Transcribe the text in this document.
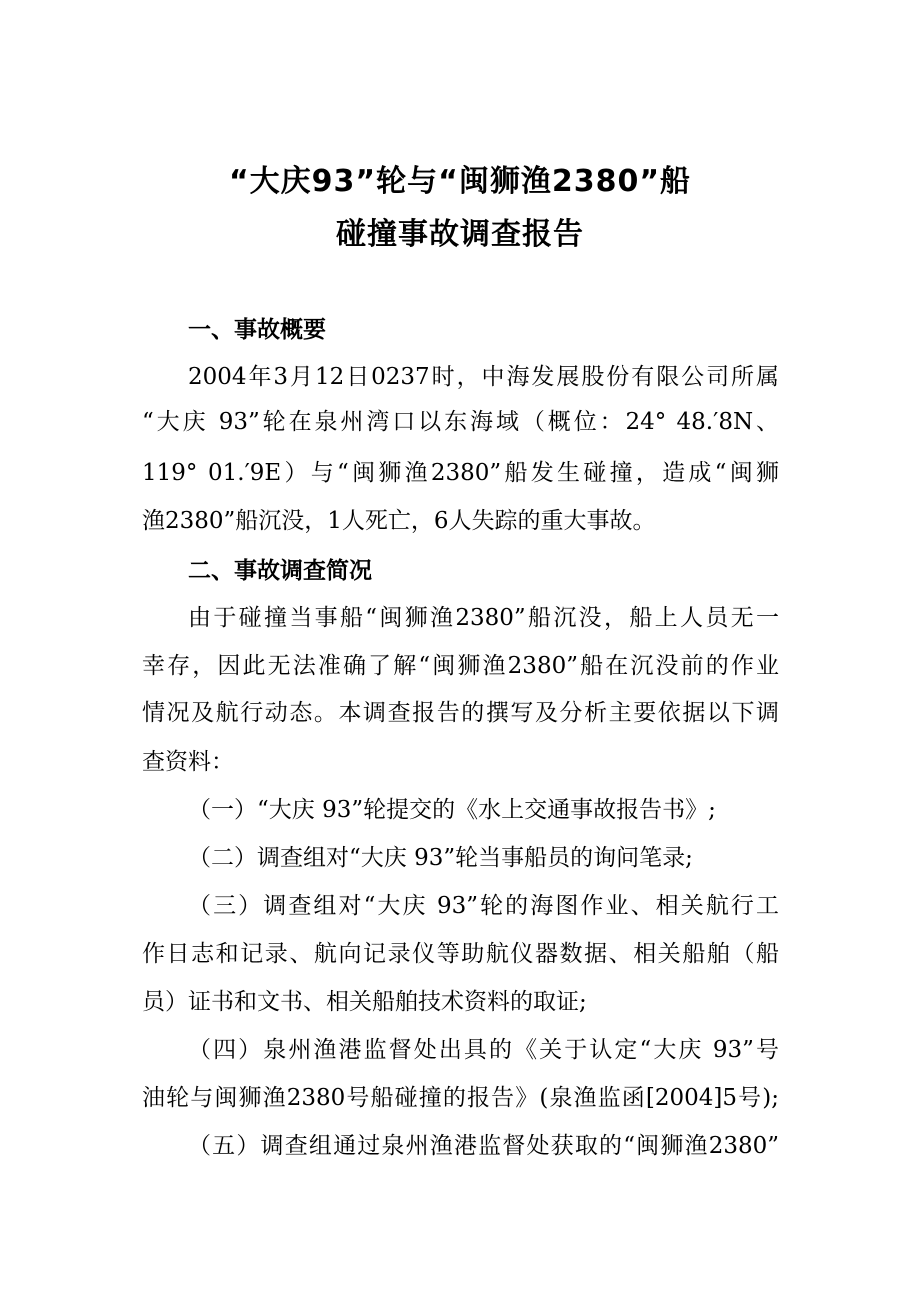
“大庆93”轮与“闽狮渔2380”船
碰撞事故调查报告
一、事故概要
2004年3月12日0237时，中海发展股份有限公司所属
“大庆 93”轮在泉州湾口以东海域（概位：24° 48.′8N、
119° 01.′9E）与“闽狮渔2380”船发生碰撞，造成“闽狮
渔2380”船沉没，1人死亡，6人失踪的重大事故。
二、事故调查简况
由于碰撞当事船“闽狮渔2380”船沉没，船上人员无一
幸存，因此无法准确了解“闽狮渔2380”船在沉没前的作业
情况及航行动态。本调查报告的撰写及分析主要依据以下调
查资料：
（一）“大庆 93”轮提交的《水上交通事故报告书》;
（二）调查组对“大庆 93”轮当事船员的询问笔录;
（三）调查组对“大庆 93”轮的海图作业、相关航行工
作日志和记录、航向记录仪等助航仪器数据、相关船舶（船
员）证书和文书、相关船舶技术资料的取证;
（四）泉州渔港监督处出具的《关于认定“大庆 93”号
油轮与闽狮渔2380号船碰撞的报告》(泉渔监函[2004]5号);
（五）调查组通过泉州渔港监督处获取的“闽狮渔2380”
